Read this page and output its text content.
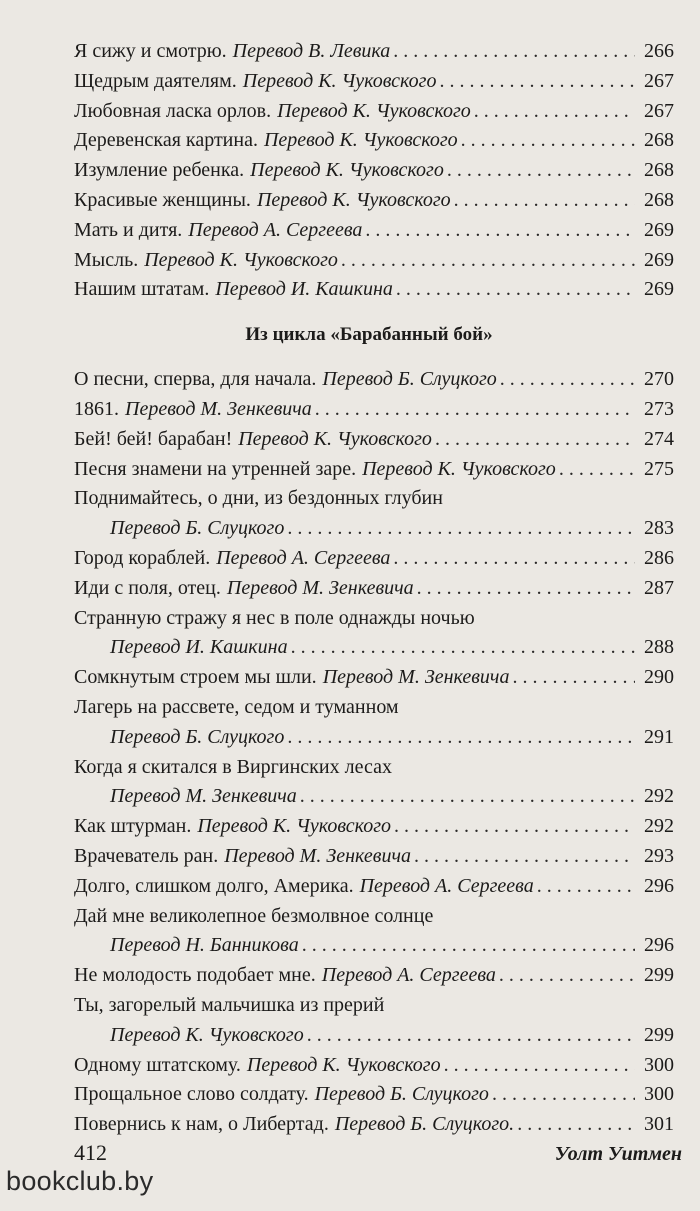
Я сижу и смотрю. Перевод В. Левика . . .	266
Щедрым даятелям. Перевод К. Чуковского . . .	267
Любовная ласка орлов. Перевод К. Чуковского . . .	267
Деревенская картина. Перевод К. Чуковского . . .	268
Изумление ребенка. Перевод К. Чуковского . . .	268
Красивые женщины. Перевод К. Чуковского . . .	268
Мать и дитя. Перевод А. Сергеева . . .	269
Мысль. Перевод К. Чуковского . . .	269
Нашим штатам. Перевод И. Кашкина . . .	269
Из цикла «Барабанный бой»
О песни, сперва, для начала. Перевод Б. Слуцкого . . .	270
1861. Перевод М. Зенкевича . . .	273
Бей! бей! барабан! Перевод К. Чуковского . . .	274
Песня знамени на утренней заре. Перевод К. Чуковского . . .	275
Поднимайтесь, о дни, из бездонных глубин
Перевод Б. Слуцкого . . .	283
Город кораблей. Перевод А. Сергеева . . .	286
Иди с поля, отец. Перевод М. Зенкевича . . .	287
Странную стражу я нес в поле однажды ночью
Перевод И. Кашкина . . .	288
Сомкнутым строем мы шли. Перевод М. Зенкевича . . .	290
Лагерь на рассвете, седом и туманном
Перевод Б. Слуцкого . . .	291
Когда я скитался в Виргинских лесах
Перевод М. Зенкевича . . .	292
Как штурман. Перевод К. Чуковского . . .	292
Врачеватель ран. Перевод М. Зенкевича . . .	293
Долго, слишком долго, Америка. Перевод А. Сергеева . . .	296
Дай мне великолепное безмолвное солнце
Перевод Н. Банникова . . .	296
Не молодость подобает мне. Перевод А. Сергеева . . .	299
Ты, загорелый мальчишка из прерий
Перевод К. Чуковского . . .	299
Одному штатскому. Перевод К. Чуковского . . .	300
Прощальное слово солдату. Перевод Б. Слуцкого . . .	300
Повернись к нам, о Либертад. Перевод Б. Слуцкого. . . .	301
412	Уолт Уитмен
bookclub.by
